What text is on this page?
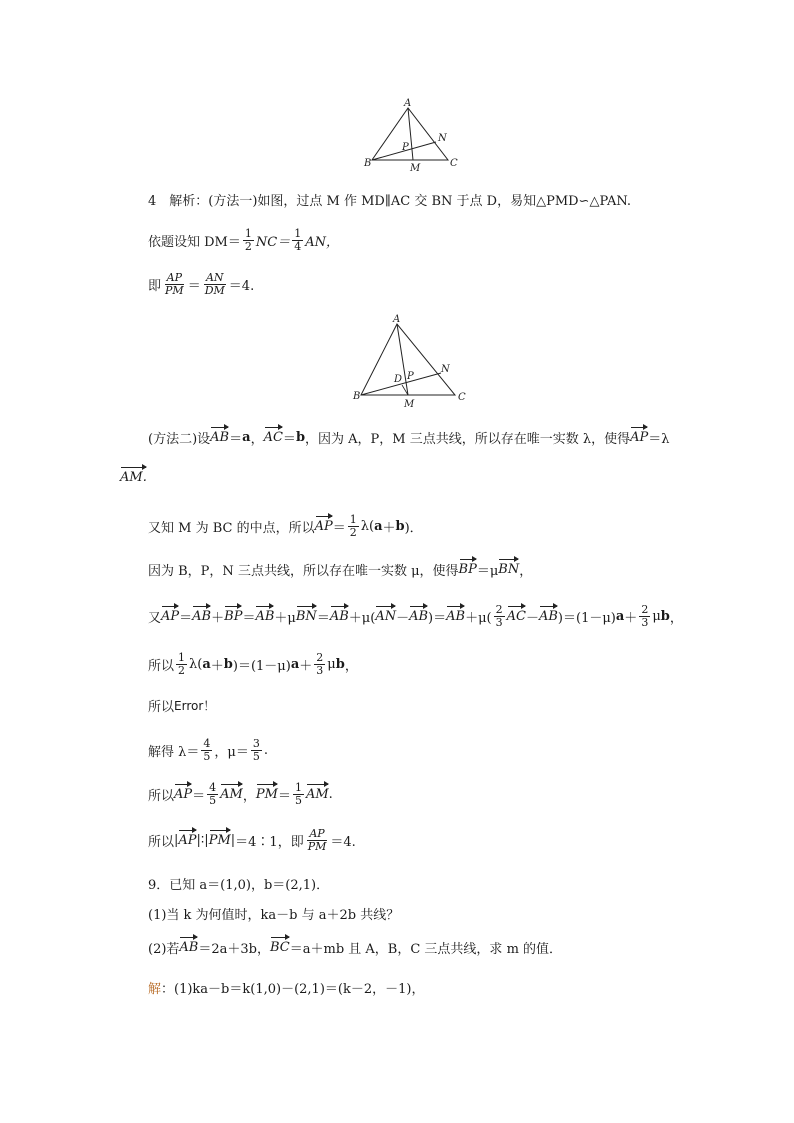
A
N
P
B	M	C
4　解析：(方法一)如图，过点 M 作 MD∥AC 交 BN 于点 D，易知△PMD∽△PAN.
依题设知 $DM= \frac{1}{2} NC= \frac{1}{4}$ AN，
即 $\frac{AP}{PM} = \frac{AN}{DM} =4$.
A
N
P
D
B
M
C
(方法二)设 AB ＝ a ， AC ＝ b ，因为 A，P，M 三点共线，所以存在唯一实数 λ，使得 AP ＝λ
AM.
又知 M 为 BC 的中点，所以 AP ＝ $\frac{1}{2} \lambda$( a ＋ b )．
因为 B，P，N 三点共线，所以存在唯一实数 μ，使得 BP ＝μ BN ，
又 AP ＝ AB ＋ BP ＝ AB ＋μ BN ＝ AB ＋μ( AN － AB )＝ AB $+\mu( \frac{2}{3}$ AC － AB )＝(1－μ) $a + \frac{2}{3}$ μ b ，
所以 $\frac{1}{2} \lambda$( a ＋ b )＝(1－μ) $a + \frac{2}{3}$ μ b ，
所以 Error！
解得 $\lambda= \frac{4}{5}$ ，$\mu= \frac{3}{5}$ .
所以 AP ＝ $\frac{4}{5}$ AM ， PM ＝ $\frac{1}{5}$ AM .
所以 | AP |∶| PM | ＝4∶1，即 $\frac{AP}{PM} =4$.
9．已知 a＝(1,0)，b＝(2,1)．
(1)当 k 为何值时，ka－b 与 a＋2b 共线？
(2)若 AB ＝2a＋3b， BC ＝a＋mb 且 A，B，C 三点共线，求 m 的值．
解 ：(1)ka－b＝k(1,0)－(2,1)＝(k－2，－1)，
